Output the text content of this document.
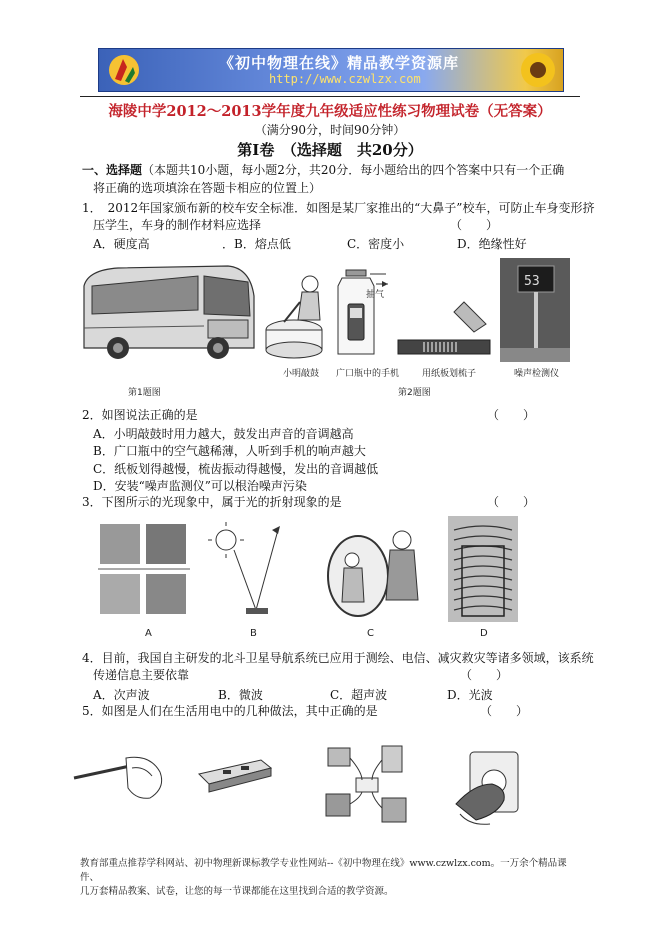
《初中物理在线》精品教学资源库
http://www.czwlzx.com
海陵中学2012～2013学年度九年级适应性练习物理试卷（无答案）
（满分90分，时间90分钟）
第Ⅰ卷　（选择题　共20分）
一、选择题（本题共10小题，每小题2分，共20分．每小题给出的四个答案中只有一个正确
将正确的选项填涂在答题卡相应的位置上）
1．　2012年国家颁布新的校车安全标准．如图是某厂家推出的“大鼻子”校车，可防止车身变形挤
压学生，车身的制作材料应选择	（　　）
A．硬度高	．B．熔点低	C．密度小	D．绝缘性好
第1题图
小明敲鼓
抽气
广口瓶中的手机	用纸板划梳子
53
噪声检测仪
第2题图
2．如图说法正确的是	（　　）
A．小明敲鼓时用力越大，鼓发出声音的音调越高
B．广口瓶中的空气越稀薄，人听到手机的响声越大
C．纸板划得越慢，梳齿振动得越慢，发出的音调越低
D．安装“噪声监测仪”可以根治噪声污染
3．下图所示的光现象中，属于光的折射现象的是	（　　）
A	B	C	D
4．目前，我国自主研发的北斗卫星导航系统已应用于测绘、电信、减灾救灾等诸多领域，该系统
传递信息主要依靠	（　　）
A．次声波	B．微波	C．超声波	D．光波
5．如图是人们在生活用电中的几种做法，其中正确的是	（　　）
教育部重点推荐学科网站、初中物理新课标教学专业性网站--《初中物理在线》www.czwlzx.com。一万余个精品课件、
几万套精品教案、试卷，让您的每一节课都能在这里找到合适的教学资源。
